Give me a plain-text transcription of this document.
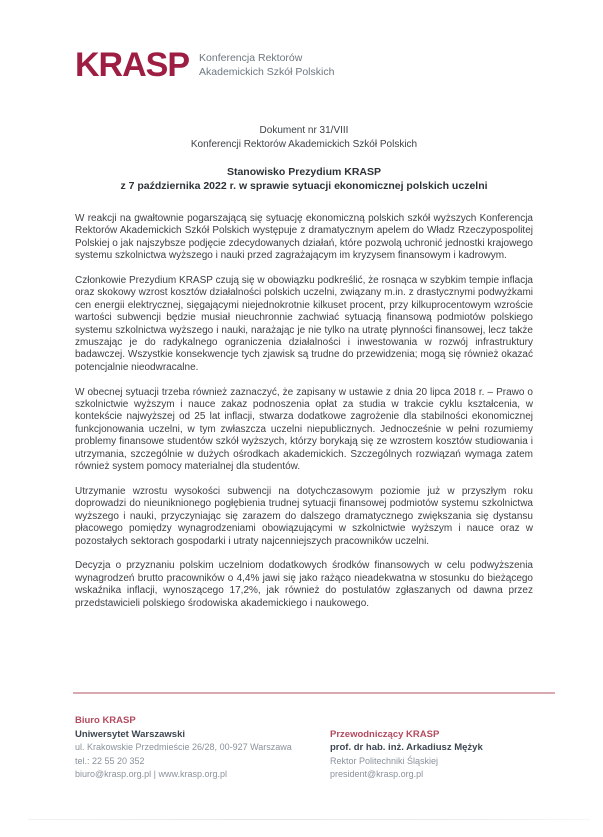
KRASP Konferencja Rektorów
Akademickich Szkół Polskich
Dokument nr 31/VIII
Konferencji Rektorów Akademickich Szkół Polskich
Stanowisko Prezydium KRASP
z 7 października 2022 r. w sprawie sytuacji ekonomicznej polskich uczelni

W reakcji na gwałtownie pogarszającą się sytuację ekonomiczną polskich szkół wyższych Konferencja Rektorów Akademickich Szkół Polskich występuje z dramatycznym apelem do Władz Rzeczypospolitej Polskiej o jak najszybsze podjęcie zdecydowanych działań, które pozwolą uchronić jednostki krajowego systemu szkolnictwa wyższego i nauki przed zagrażającym im kryzysem finansowym i kadrowym.

Członkowie Prezydium KRASP czują się w obowiązku podkreślić, że rosnąca w szybkim tempie inflacja oraz skokowy wzrost kosztów działalności polskich uczelni, związany m.in. z drastycznymi podwyżkami cen energii elektrycznej, sięgającymi niejednokrotnie kilkuset procent, przy kilkuprocentowym wzroście wartości subwencji będzie musiał nieuchronnie zachwiać sytuacją finansową podmiotów polskiego systemu szkolnictwa wyższego i nauki, narażając je nie tylko na utratę płynności finansowej, lecz także zmuszając je do radykalnego ograniczenia działalności i inwestowania w rozwój infrastruktury badawczej. Wszystkie konsekwencje tych zjawisk są trudne do przewidzenia; mogą się również okazać potencjalnie nieodwracalne.

W obecnej sytuacji trzeba również zaznaczyć, że zapisany w ustawie z dnia 20 lipca 2018 r. – Prawo o szkolnictwie wyższym i nauce zakaz podnoszenia opłat za studia w trakcie cyklu kształcenia, w kontekście najwyższej od 25 lat inflacji, stwarza dodatkowe zagrożenie dla stabilności ekonomicznej funkcjonowania uczelni, w tym zwłaszcza uczelni niepublicznych. Jednocześnie w pełni rozumiemy problemy finansowe studentów szkół wyższych, którzy borykają się ze wzrostem kosztów studiowania i utrzymania, szczególnie w dużych ośrodkach akademickich. Szczególnych rozwiązań wymaga zatem również system pomocy materialnej dla studentów.

Utrzymanie wzrostu wysokości subwencji na dotychczasowym poziomie już w przyszłym roku doprowadzi do nieuniknionego pogłębienia trudnej sytuacji finansowej podmiotów systemu szkolnictwa wyższego i nauki, przyczyniając się zarazem do dalszego dramatycznego zwiększania się dystansu płacowego pomiędzy wynagrodzeniami obowiązującymi w szkolnictwie wyższym i nauce oraz w pozostałych sektorach gospodarki i utraty najcenniejszych pracowników uczelni.

Decyzja o przyznaniu polskim uczelniom dodatkowych środków finansowych w celu podwyższenia wynagrodzeń brutto pracowników o 4,4% jawi się jako rażąco nieadekwatna w stosunku do bieżącego wskaźnika inflacji, wynoszącego 17,2%, jak również do postulatów zgłaszanych od dawna przez przedstawicieli polskiego środowiska akademickiego i naukowego.

Biuro KRASP
Uniwersytet Warszawski
ul. Krakowskie Przedmieście 26/28, 00-927 Warszawa
tel.: 22 55 20 352
biuro@krasp.org.pl | www.krasp.org.pl
Przewodniczący KRASP
prof. dr hab. inż. Arkadiusz Mężyk
Rektor Politechniki Śląskiej
president@krasp.org.pl
